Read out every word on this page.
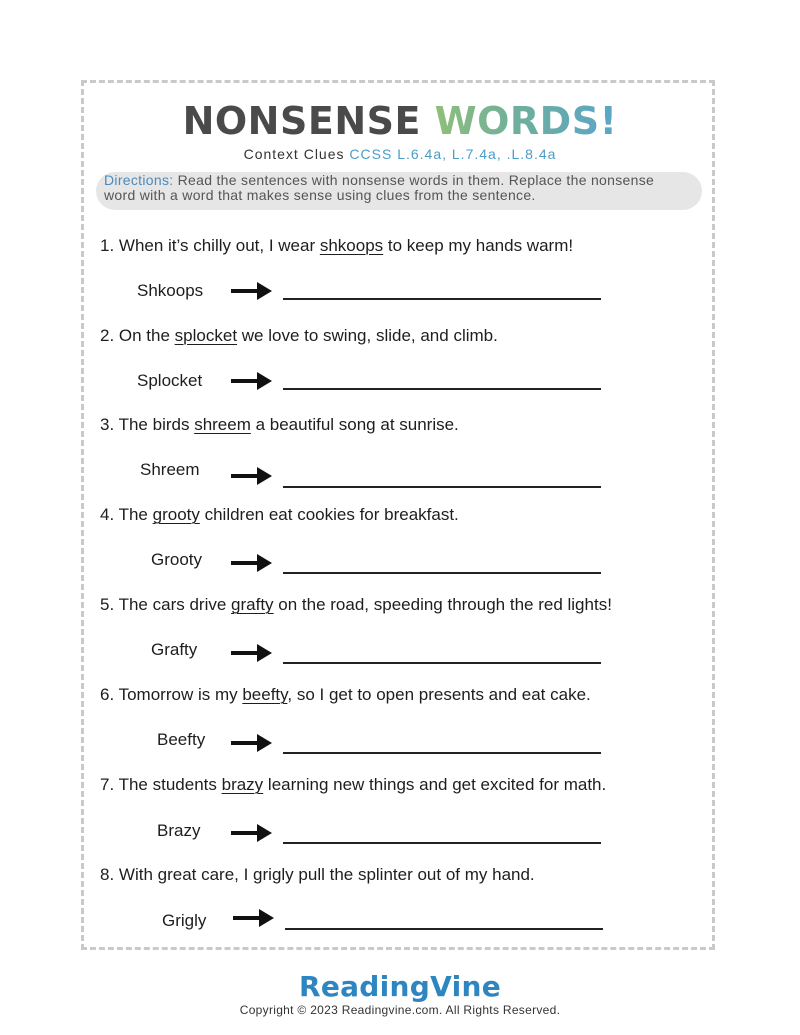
NONSENSE WORDS!
Context Clues CCSS L.6.4a, L.7.4a, .L.8.4a
Directions: Read the sentences with nonsense words in them. Replace the nonsense word with a word that makes sense using clues from the sentence.
1. When it’s chilly out, I wear shkoops to keep my hands warm!
Shkoops
2. On the splocket we love to swing, slide, and climb.
Splocket
3. The birds shreem a beautiful song at sunrise.
Shreem
4. The grooty children eat cookies for breakfast.
Grooty
5. The cars drive grafty on the road, speeding through the red lights!
Grafty
6. Tomorrow is my beefty, so I get to open presents and eat cake.
Beefty
7. The students brazy learning new things and get excited for math.
Brazy
8. With great care, I grigly pull the splinter out of my hand.
Grigly
ReadingVine
Copyright © 2023 Readingvine.com. All Rights Reserved.
